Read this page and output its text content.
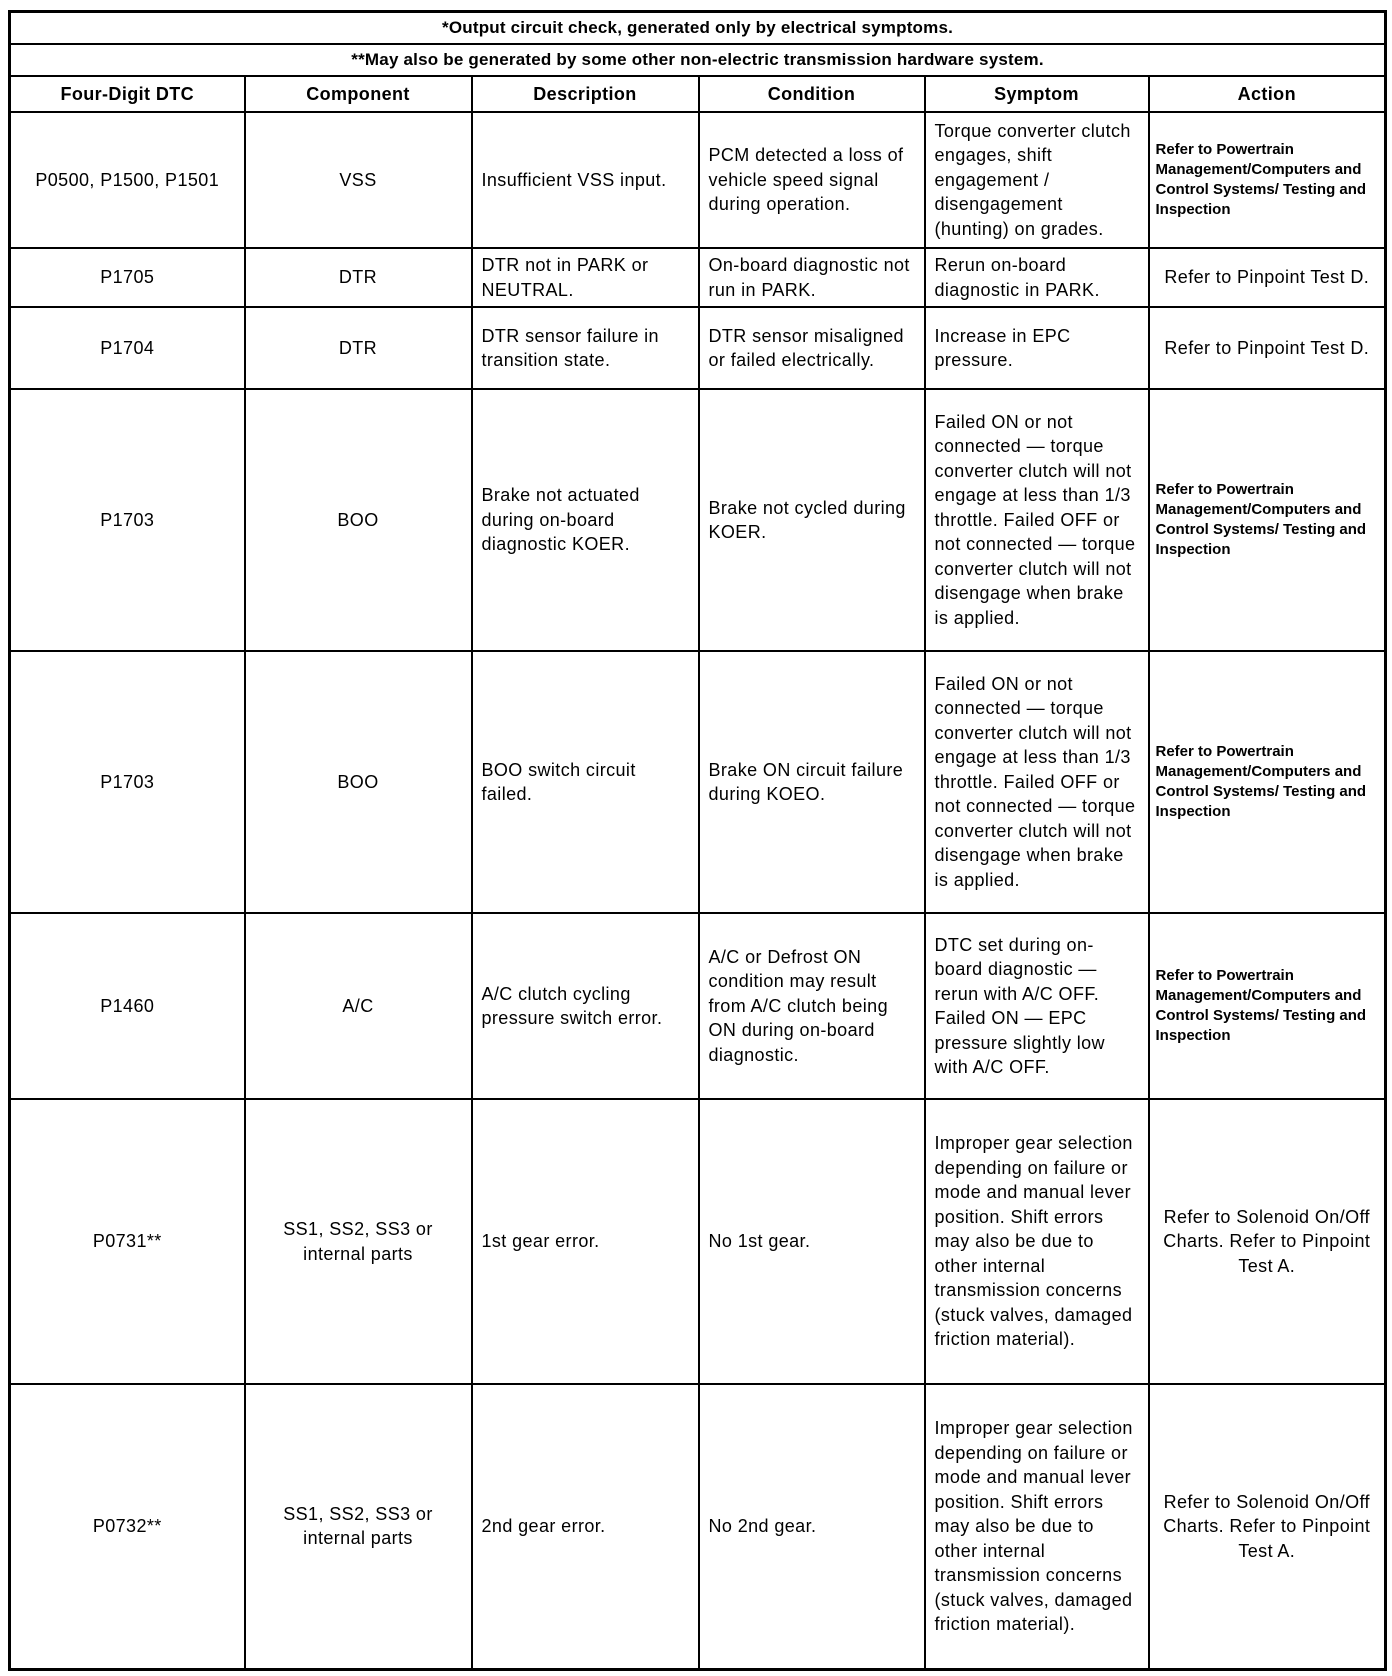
*Output circuit check, generated only by electrical symptoms.					
**May also be generated by some other non-electric transmission hardware system.					
Four-Digit DTC	Component	Description	Condition	Symptom	Action
P0500, P1500, P1501	VSS	Insufficient VSS input.	PCM detected a loss of vehicle speed signal during operation.	Torque converter clutch engages, shift engagement / disengagement (hunting) on grades.	Refer to Powertrain Management/Computers and Control Systems/ Testing and Inspection
P1705	DTR	DTR not in PARK or NEUTRAL.	On-board diagnostic not run in PARK.	Rerun on-board diagnostic in PARK.	Refer to Pinpoint Test D.
P1704	DTR	DTR sensor failure in transition state.	DTR sensor misaligned or failed electrically.	Increase in EPC pressure.	Refer to Pinpoint Test D.
P1703	BOO	Brake not actuated during on-board diagnostic KOER.	Brake not cycled during KOER.	Failed ON or not connected — torque converter clutch will not engage at less than 1/3 throttle. Failed OFF or not connected — torque converter clutch will not disengage when brake is applied.	Refer to Powertrain Management/Computers and Control Systems/ Testing and Inspection
P1703	BOO	BOO switch circuit failed.	Brake ON circuit failure during KOEO.	Failed ON or not connected — torque converter clutch will not engage at less than 1/3 throttle. Failed OFF or not connected — torque converter clutch will not disengage when brake is applied.	Refer to Powertrain Management/Computers and Control Systems/ Testing and Inspection
P1460	A/C	A/C clutch cycling pressure switch error.	A/C or Defrost ON condition may result from A/C clutch being ON during on-board diagnostic.	DTC set during on-board diagnostic — rerun with A/C OFF. Failed ON — EPC pressure slightly low with A/C OFF.	Refer to Powertrain Management/Computers and Control Systems/ Testing and Inspection
P0731**	SS1, SS2, SS3 or internal parts	1st gear error.	No 1st gear.	Improper gear selection depending on failure or mode and manual lever position. Shift errors may also be due to other internal transmission concerns (stuck valves, damaged friction material).	Refer to Solenoid On/Off Charts. Refer to Pinpoint Test A.
P0732**	SS1, SS2, SS3 or internal parts	2nd gear error.	No 2nd gear.	Improper gear selection depending on failure or mode and manual lever position. Shift errors may also be due to other internal transmission concerns (stuck valves, damaged friction material).	Refer to Solenoid On/Off Charts. Refer to Pinpoint Test A.
